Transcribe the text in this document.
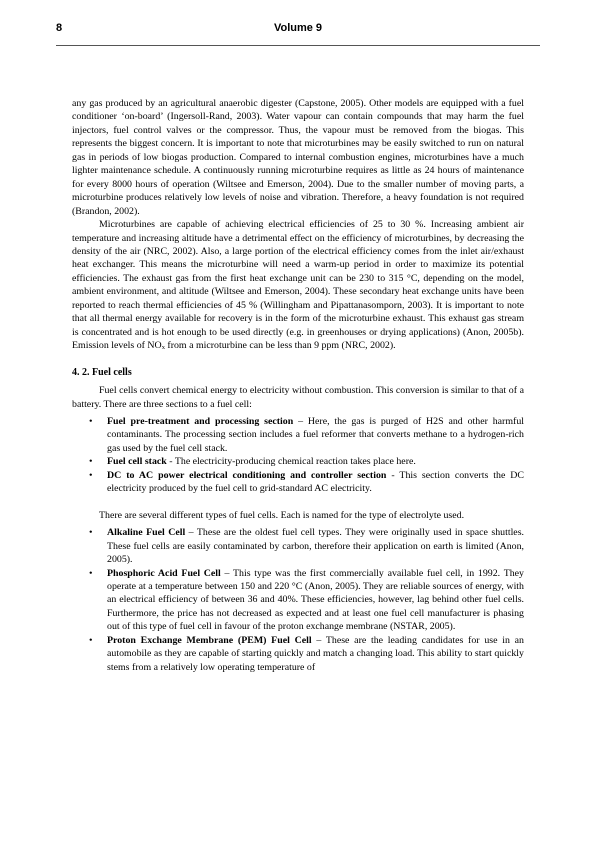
8	Volume 9

any gas produced by an agricultural anaerobic digester (Capstone, 2005). Other models are equipped with a fuel conditioner ‘on-board’ (Ingersoll-Rand, 2003). Water vapour can contain compounds that may harm the fuel injectors, fuel control valves or the compressor. Thus, the vapour must be removed from the biogas. This represents the biggest concern. It is important to note that microturbines may be easily switched to run on natural gas in periods of low biogas production. Compared to internal combustion engines, microturbines have a much lighter maintenance schedule. A continuously running microturbine requires as little as 24 hours of maintenance for every 8000 hours of operation (Wiltsee and Emerson, 2004). Due to the smaller number of moving parts, a microturbine produces relatively low levels of noise and vibration. Therefore, a heavy foundation is not required (Brandon, 2002).

Microturbines are capable of achieving electrical efficiencies of 25 to 30 %. Increasing ambient air temperature and increasing altitude have a detrimental effect on the efficiency of microturbines, by decreasing the density of the air (NRC, 2002). Also, a large portion of the electrical efficiency comes from the inlet air/exhaust heat exchanger. This means the microturbine will need a warm-up period in order to maximize its potential efficiencies. The exhaust gas from the first heat exchange unit can be 230 to 315 °C, depending on the model, ambient environment, and altitude (Wiltsee and Emerson, 2004). These secondary heat exchange units have been reported to reach thermal efficiencies of 45 % (Willingham and Pipattanasomporn, 2003). It is important to note that all thermal energy available for recovery is in the form of the microturbine exhaust. This exhaust gas stream is concentrated and is hot enough to be used directly (e.g. in greenhouses or drying applications) (Anon, 2005b). Emission levels of $NO_x$ from a microturbine can be less than 9 ppm (NRC, 2002).

4. 2. Fuel cells

Fuel cells convert chemical energy to electricity without combustion. This conversion is similar to that of a battery. There are three sections to a fuel cell:

• Fuel pre-treatment and processing section – Here, the gas is purged of H2S and other harmful contaminants. The processing section includes a fuel reformer that converts methane to a hydrogen-rich gas used by the fuel cell stack.
• Fuel cell stack - The electricity-producing chemical reaction takes place here.
• DC to AC power electrical conditioning and controller section - This section converts the DC electricity produced by the fuel cell to grid-standard AC electricity.

There are several different types of fuel cells. Each is named for the type of electrolyte used.

• Alkaline Fuel Cell – These are the oldest fuel cell types. They were originally used in space shuttles. These fuel cells are easily contaminated by carbon, therefore their application on earth is limited (Anon, 2005).
• Phosphoric Acid Fuel Cell – This type was the first commercially available fuel cell, in 1992. They operate at a temperature between 150 and 220 °C (Anon, 2005). They are reliable sources of energy, with an electrical efficiency of between 36 and 40%. These efficiencies, however, lag behind other fuel cells. Furthermore, the price has not decreased as expected and at least one fuel cell manufacturer is phasing out of this type of fuel cell in favour of the proton exchange membrane (NSTAR, 2005).
• Proton Exchange Membrane (PEM) Fuel Cell – These are the leading candidates for use in an automobile as they are capable of starting quickly and match a changing load. This ability to start quickly stems from a relatively low operating temperature of
